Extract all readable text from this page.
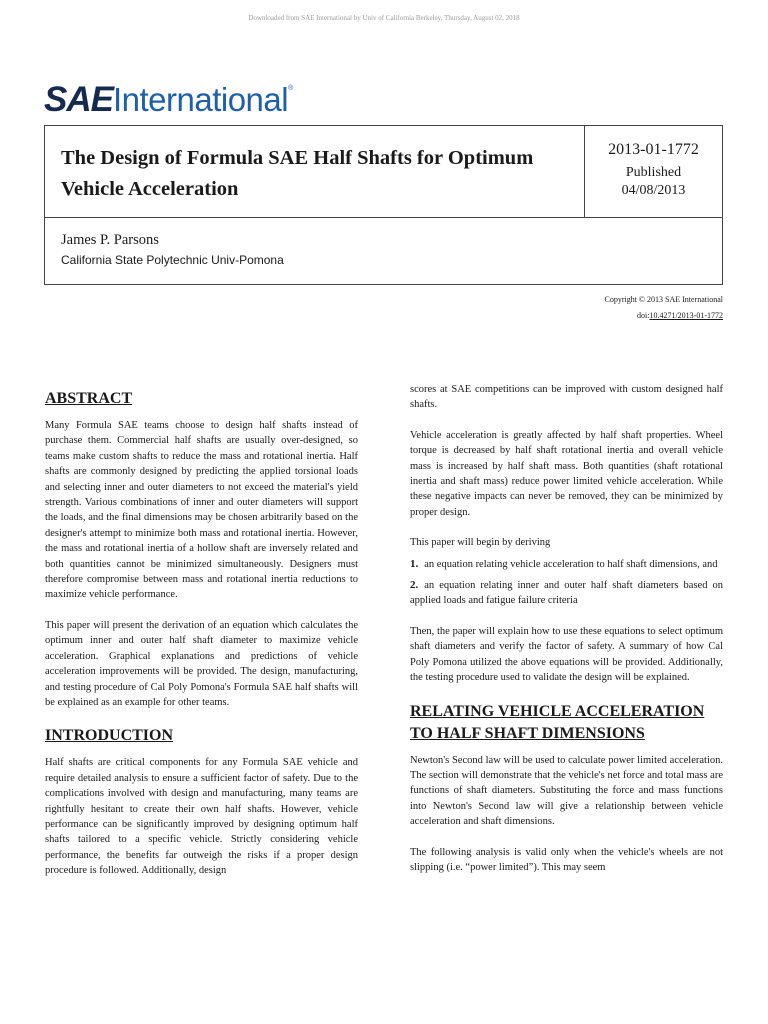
Downloaded from SAE International by Univ of California Berkeley, Thursday, August 02, 2018
SAEInternational®
The Design of Formula SAE Half Shafts for Optimum Vehicle Acceleration
2013-01-1772
Published
04/08/2013
James P. Parsons
California State Polytechnic Univ-Pomona
Copyright © 2013 SAE International
doi:10.4271/2013-01-1772
ABSTRACT

Many Formula SAE teams choose to design half shafts instead of purchase them. Commercial half shafts are usually over-designed, so teams make custom shafts to reduce the mass and rotational inertia. Half shafts are commonly designed by predicting the applied torsional loads and selecting inner and outer diameters to not exceed the material's yield strength. Various combinations of inner and outer diameters will support the loads, and the final dimensions may be chosen arbitrarily based on the designer's attempt to minimize both mass and rotational inertia. However, the mass and rotational inertia of a hollow shaft are inversely related and both quantities cannot be minimized simultaneously. Designers must therefore compromise between mass and rotational inertia reductions to maximize vehicle performance.

This paper will present the derivation of an equation which calculates the optimum inner and outer half shaft diameter to maximize vehicle acceleration. Graphical explanations and predictions of vehicle acceleration improvements will be provided. The design, manufacturing, and testing procedure of Cal Poly Pomona's Formula SAE half shafts will be explained as an example for other teams.

INTRODUCTION

Half shafts are critical components for any Formula SAE vehicle and require detailed analysis to ensure a sufficient factor of safety. Due to the complications involved with design and manufacturing, many teams are rightfully hesitant to create their own half shafts. However, vehicle performance can be significantly improved by designing optimum half shafts tailored to a specific vehicle. Strictly considering vehicle performance, the benefits far outweigh the risks if a proper design procedure is followed. Additionally, design

scores at SAE competitions can be improved with custom designed half shafts.

Vehicle acceleration is greatly affected by half shaft properties. Wheel torque is decreased by half shaft rotational inertia and overall vehicle mass is increased by half shaft mass. Both quantities (shaft rotational inertia and shaft mass) reduce power limited vehicle acceleration. While these negative impacts can never be removed, they can be minimized by proper design.

This paper will begin by deriving

1. an equation relating vehicle acceleration to half shaft dimensions, and

2. an equation relating inner and outer half shaft diameters based on applied loads and fatigue failure criteria

Then, the paper will explain how to use these equations to select optimum shaft diameters and verify the factor of safety. A summary of how Cal Poly Pomona utilized the above equations will be provided. Additionally, the testing procedure used to validate the design will be explained.

RELATING VEHICLE ACCELERATION TO HALF SHAFT DIMENSIONS

Newton's Second law will be used to calculate power limited acceleration. The section will demonstrate that the vehicle's net force and total mass are functions of shaft diameters. Substituting the force and mass functions into Newton's Second law will give a relationship between vehicle acceleration and shaft dimensions.

The following analysis is valid only when the vehicle's wheels are not slipping (i.e. “power limited”). This may seem
